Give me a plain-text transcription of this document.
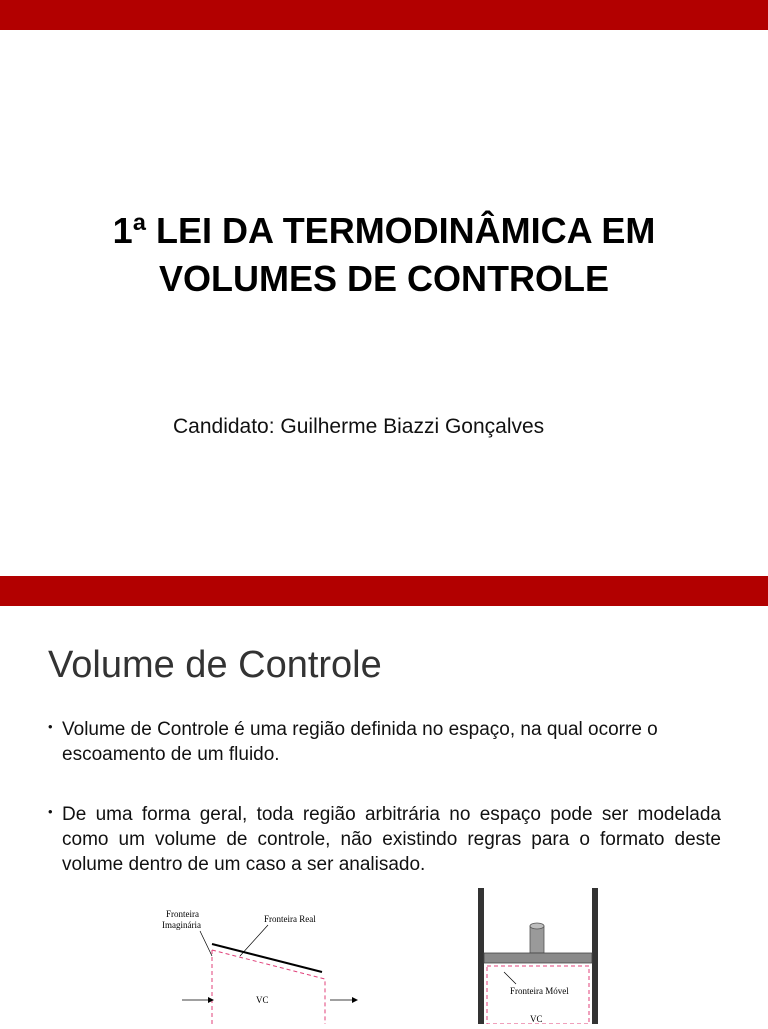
1ª LEI DA TERMODINÂMICA EM
VOLUMES DE CONTROLE
Candidato: Guilherme Biazzi Gonçalves
Volume de Controle
• Volume de Controle é uma região definida no espaço, na qual ocorre o escoamento de um fluido.
• De uma forma geral, toda região arbitrária no espaço pode ser modelada como um volume de controle, não existindo regras para o formato deste volume dentro de um caso a ser analisado.
Fronteira
Imaginária
Fronteira Real
VC
Fronteira Móvel
VC
